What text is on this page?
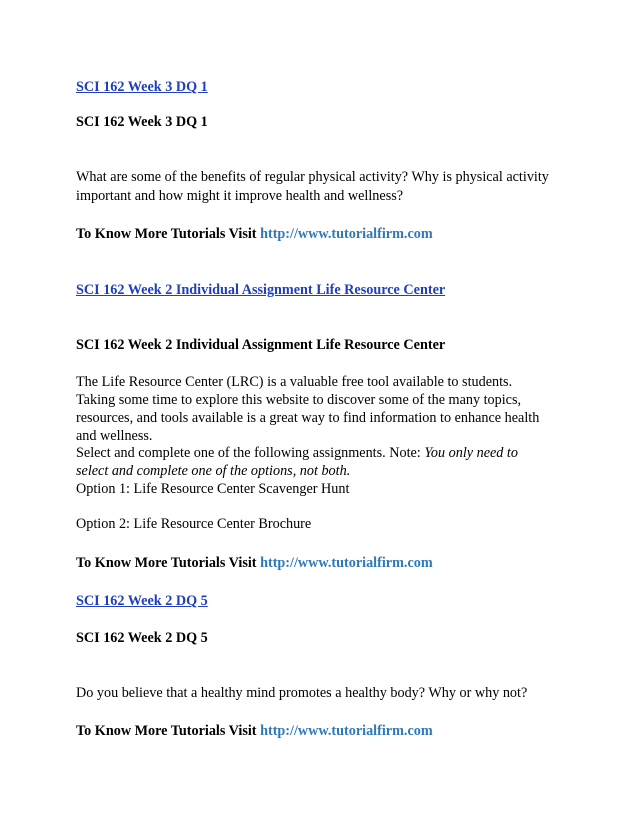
SCI 162 Week 3 DQ 1
SCI 162 Week 3 DQ 1
What are some of the benefits of regular physical activity? Why is physical activity
important and how might it improve health and wellness?
To Know More Tutorials Visit http://www.tutorialfirm.com
SCI 162 Week 2 Individual Assignment Life Resource Center
SCI 162 Week 2 Individual Assignment Life Resource Center
The Life Resource Center (LRC) is a valuable free tool available to students.
Taking some time to explore this website to discover some of the many topics,
resources, and tools available is a great way to find information to enhance health
and wellness.
Select and complete one of the following assignments. Note: You only need to
select and complete one of the options, not both.
Option 1: Life Resource Center Scavenger Hunt
Option 2: Life Resource Center Brochure
To Know More Tutorials Visit http://www.tutorialfirm.com
SCI 162 Week 2 DQ 5
SCI 162 Week 2 DQ 5
Do you believe that a healthy mind promotes a healthy body? Why or why not?
To Know More Tutorials Visit http://www.tutorialfirm.com
